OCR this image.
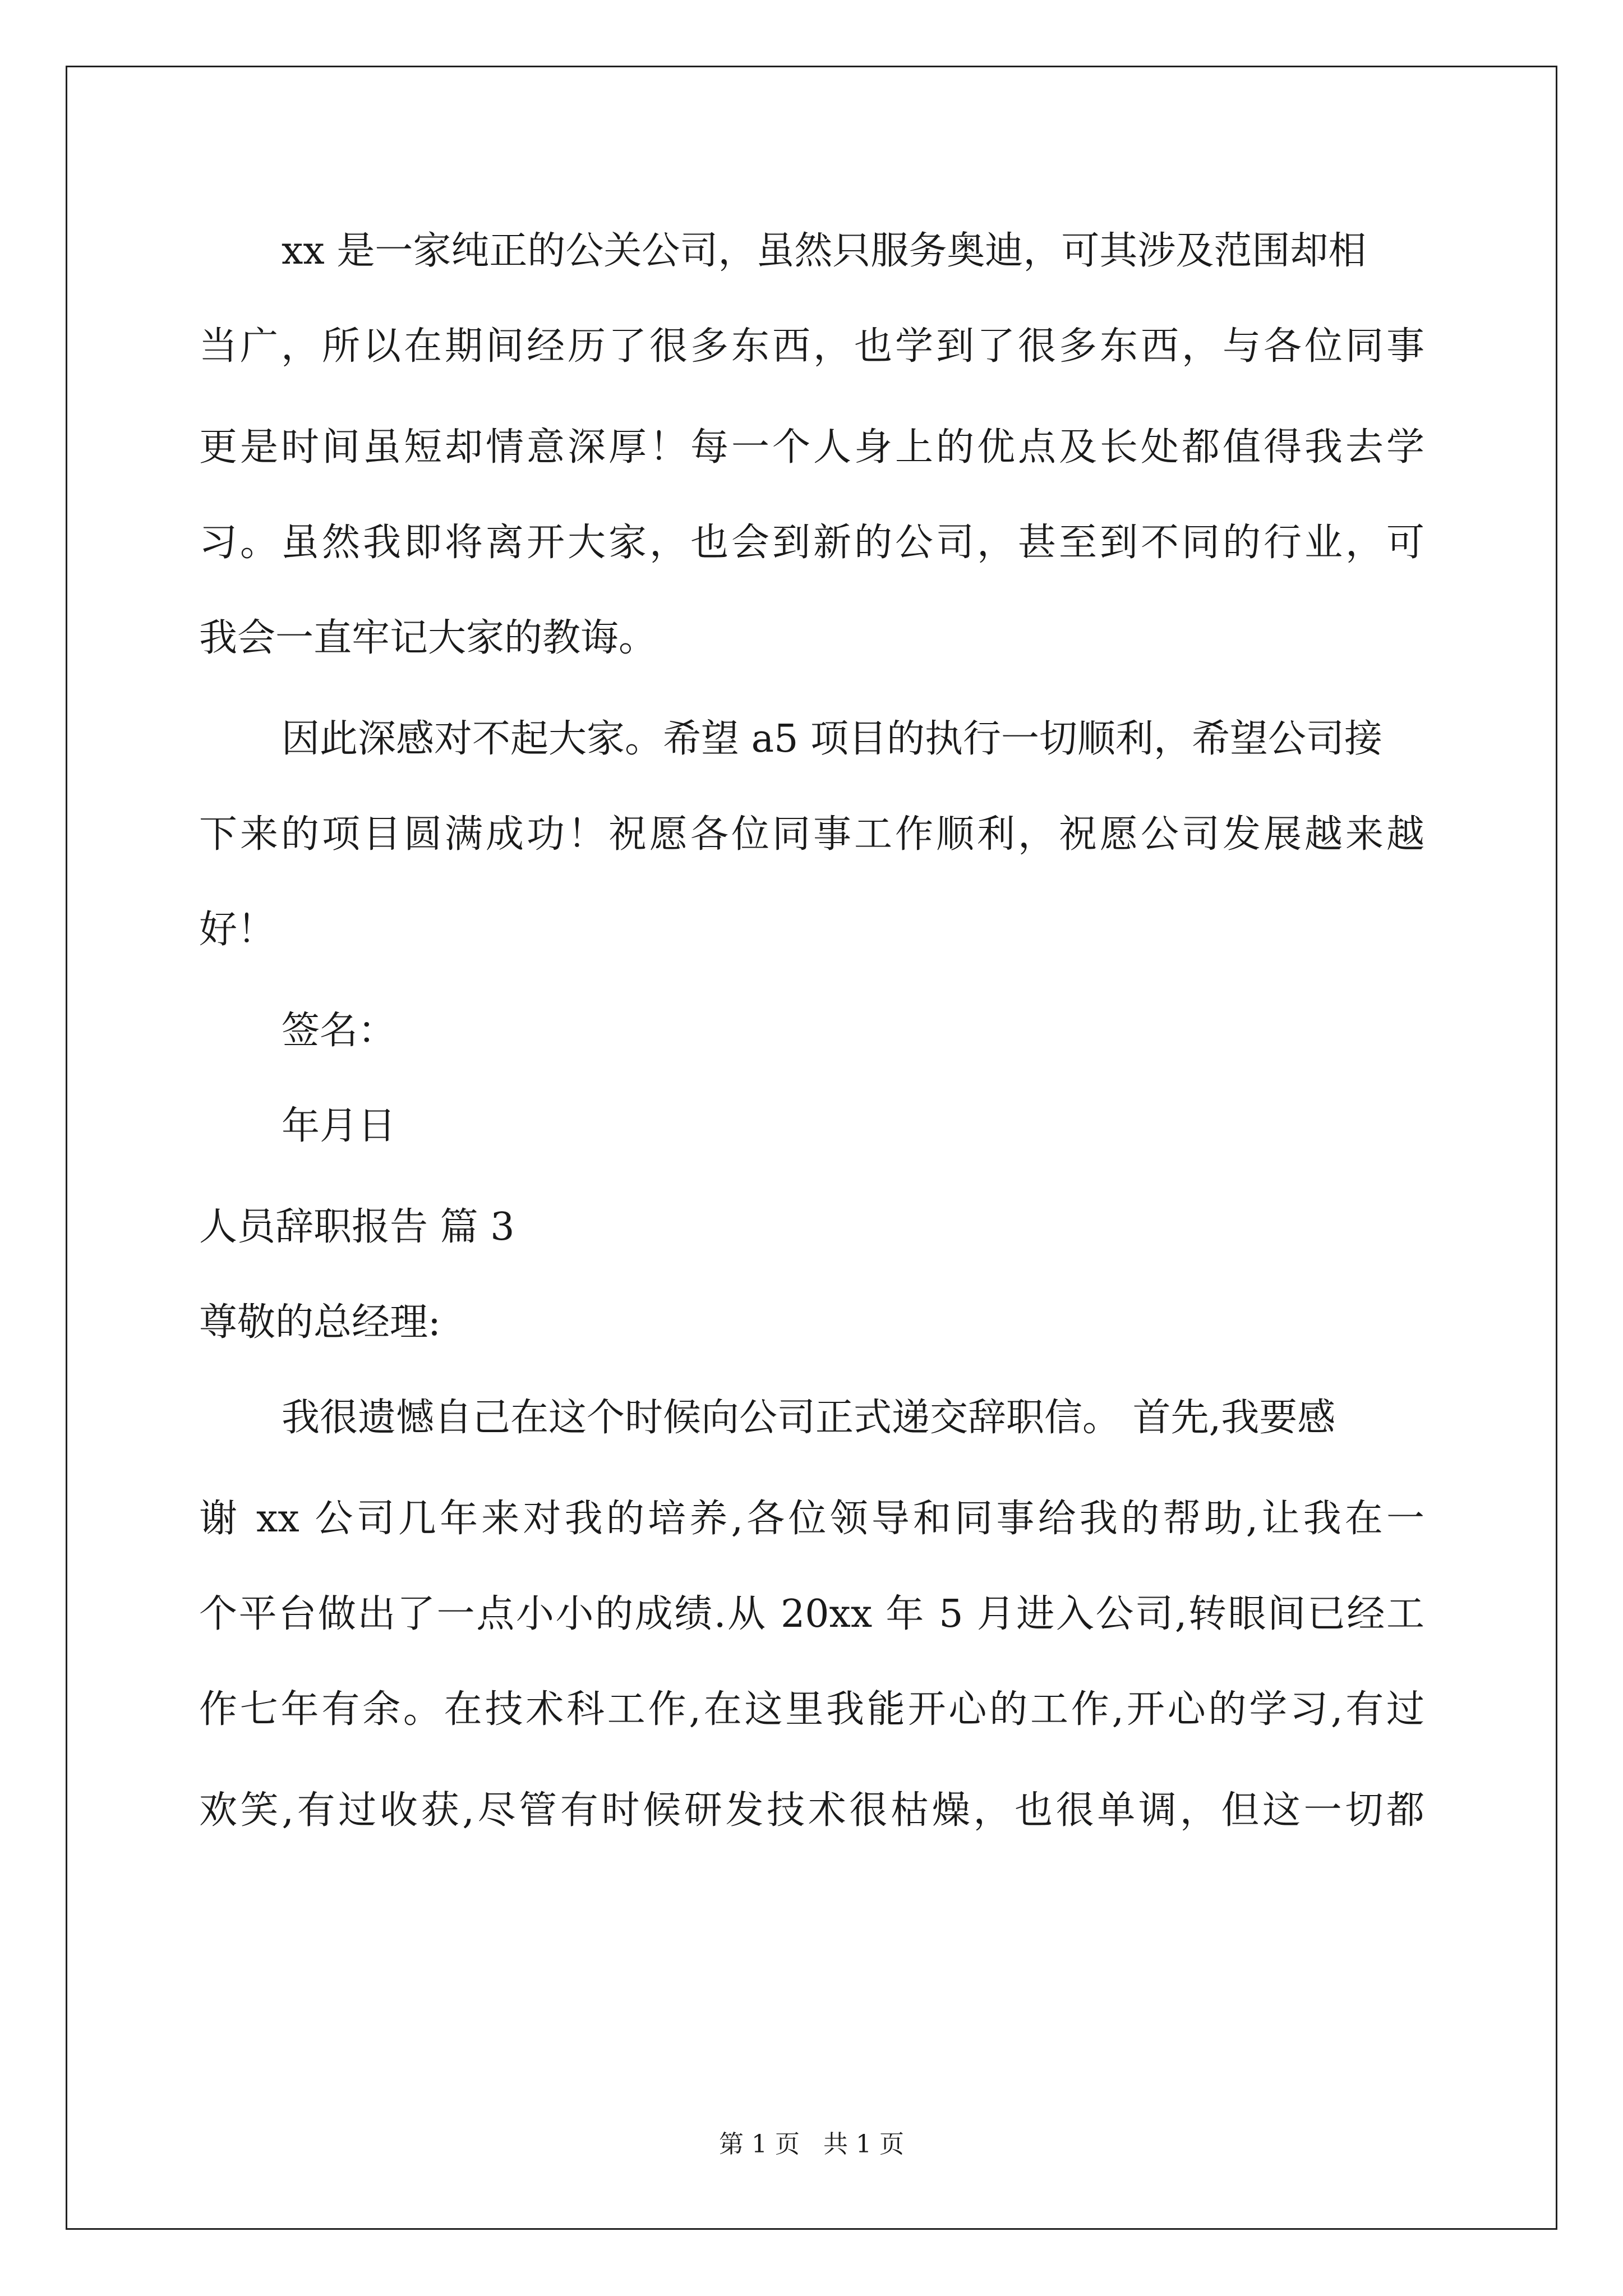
xx 是一家纯正的公关公司，虽然只服务奥迪，可其涉及范围却相
当广，所以在期间经历了很多东西，也学到了很多东西，与各位同事
更是时间虽短却情意深厚！每一个人身上的优点及长处都值得我去学
习。虽然我即将离开大家，也会到新的公司，甚至到不同的行业，可
我会一直牢记大家的教诲。
因此深感对不起大家。希望 a5 项目的执行一切顺利，希望公司接
下来的项目圆满成功！祝愿各位同事工作顺利，祝愿公司发展越来越
好！
签名：
年月日
人员辞职报告 篇 3
尊敬的总经理:
我很遗憾自己在这个时候向公司正式递交辞职信。 首先,我要感
谢 xx 公司几年来对我的培养,各位领导和同事给我的帮助,让我在一
个平台做出了一点小小的成绩.从 20xx 年 5 月进入公司,转眼间已经工
作七年有余。在技术科工作,在这里我能开心的工作,开心的学习,有过
欢笑,有过收获,尽管有时候研发技术很枯燥，也很单调，但这一切都
第 1 页 共 1 页
